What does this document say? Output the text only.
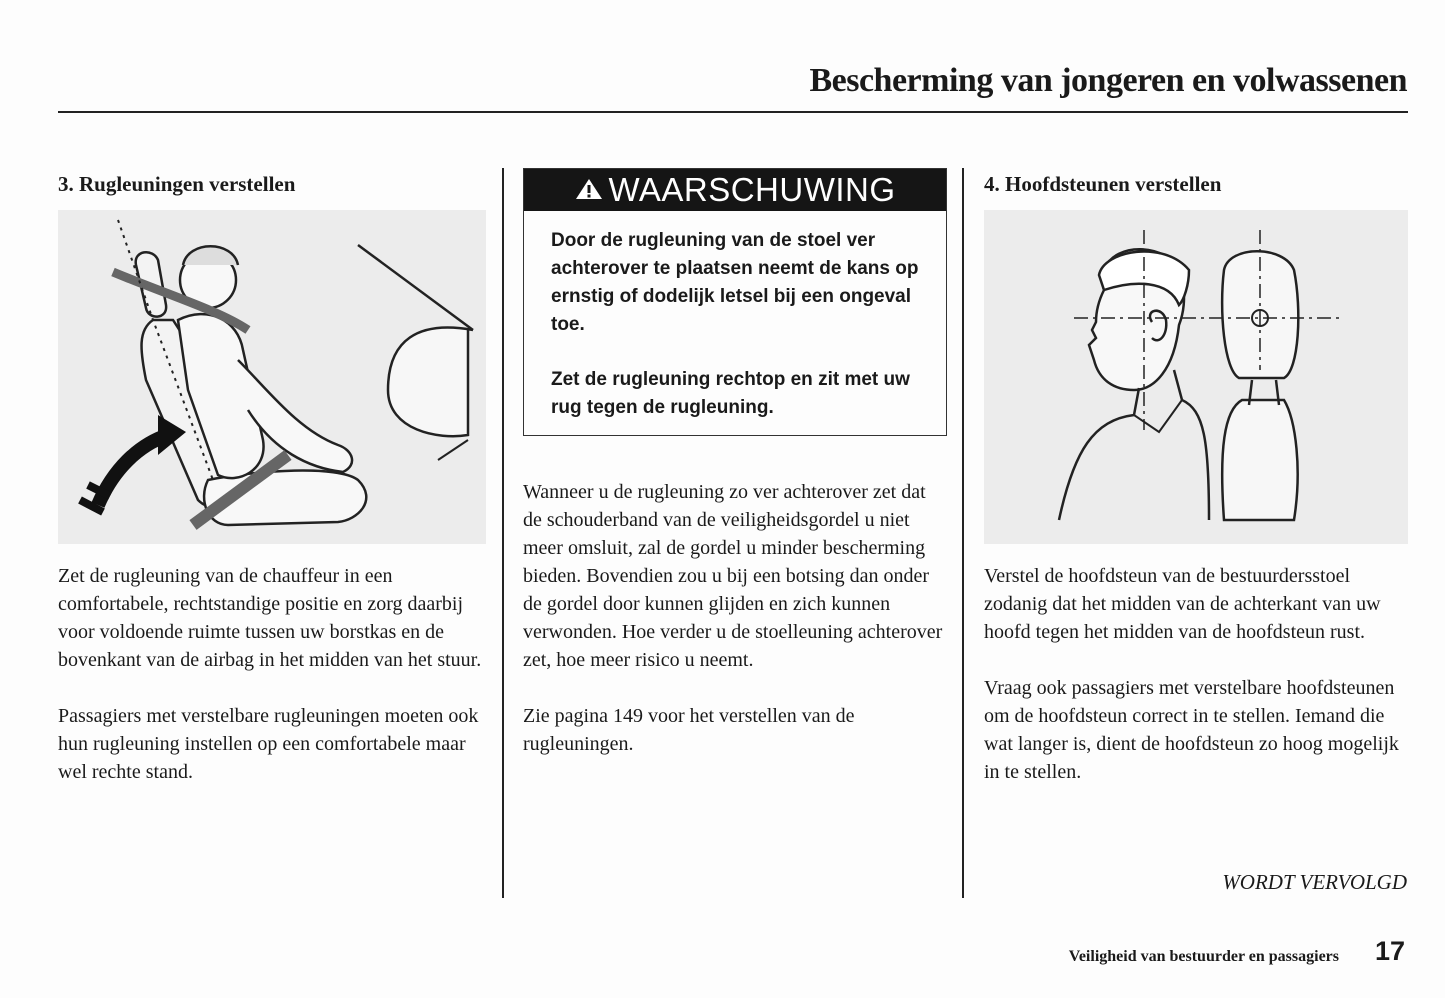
Bescherming van jongeren en volwassenen
3. Rugleuningen verstellen

Zet de rugleuning van de chauffeur in een comfortabele, rechtstandige positie en zorg daarbij voor voldoende ruimte tussen uw borstkas en de bovenkant van de airbag in het midden van het stuur.

Passagiers met verstelbare rugleuningen moeten ook hun rugleuning instellen op een comfortabele maar wel rechte stand.

WAARSCHUWING

Door de rugleuning van de stoel ver achterover te plaatsen neemt de kans op ernstig of dodelijk letsel bij een ongeval toe.

Zet de rugleuning rechtop en zit met uw rug tegen de rugleuning.

Wanneer u de rugleuning zo ver achterover zet dat de schouderband van de veiligheidsgordel u niet meer omsluit, zal de gordel u minder bescherming bieden. Bovendien zou u bij een botsing dan onder de gordel door kunnen glijden en zich kunnen verwonden. Hoe verder u de stoelleuning achterover zet, hoe meer risico u neemt.

Zie pagina 149 voor het verstellen van de rugleuningen.

4. Hoofdsteunen verstellen

Verstel de hoofdsteun van de bestuurdersstoel zodanig dat het midden van de achterkant van uw hoofd tegen het midden van de hoofdsteun rust.

Vraag ook passagiers met verstelbare hoofdsteunen om de hoofdsteun correct in te stellen. Iemand die wat langer is, dient de hoofdsteun zo hoog mogelijk in te stellen.

WORDT VERVOLGD
Veiligheid van bestuurder en passagiers 17
